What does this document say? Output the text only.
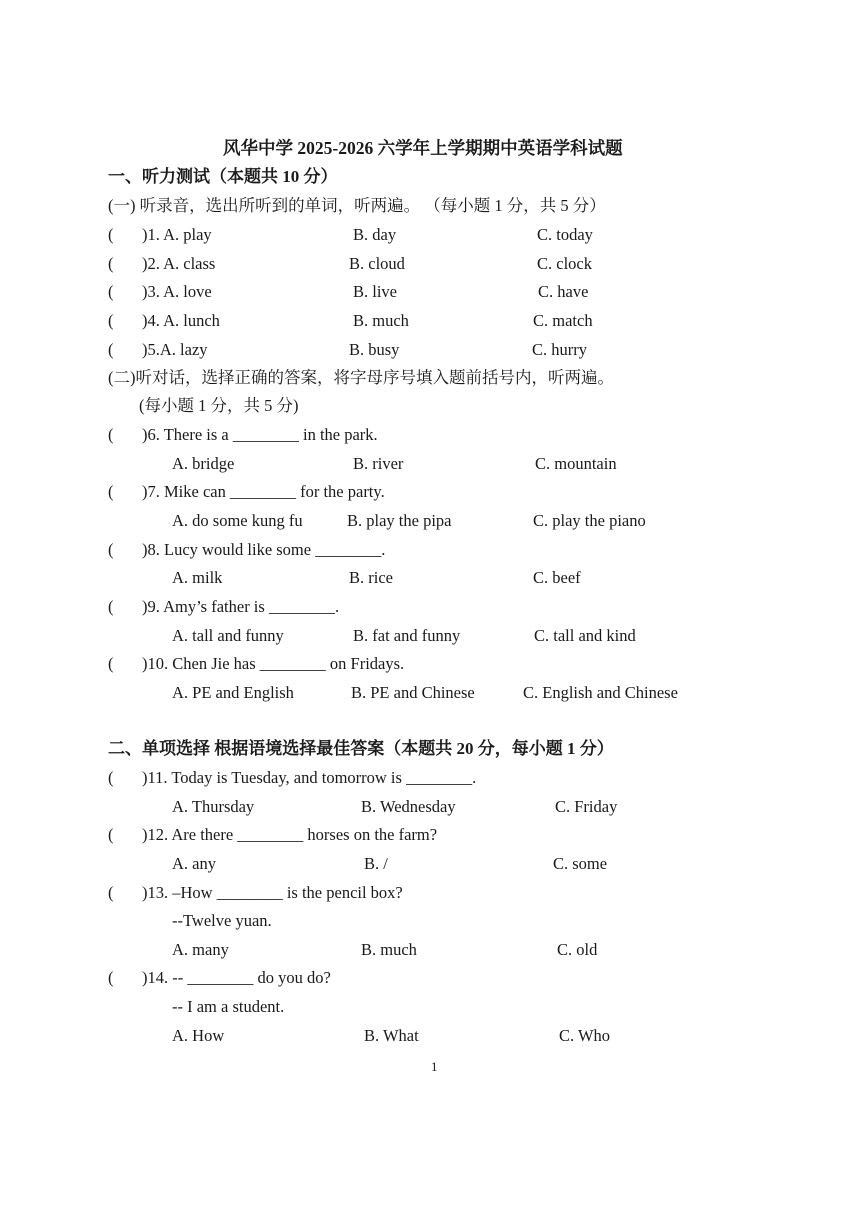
风华中学 2025-2026 六学年上学期期中英语学科试题
一、听力测试（本题共 10 分）
(一) 听录音，选出所听到的单词，听两遍。 （每小题 1 分，共 5 分）
( )1. A. play	B. day	C. today
( )2. A. class	B. cloud	C. clock
( )3. A. love	B. live	C. have
( )4. A. lunch	B. much	C. match
( )5.A. lazy	B. busy	C. hurry
(二)听对话，选择正确的答案，将字母序号填入题前括号内，听两遍。
(每小题 1 分，共 5 分)
( )6. There is a ________ in the park.
A. bridge	B. river	C. mountain
( )7. Mike can ________ for the party.
A. do some kung fu	B. play the pipa	C. play the piano
( )8. Lucy would like some ________.
A. milk	B. rice	C. beef
( )9. Amy’s father is ________.
A. tall and funny	B. fat and funny	C. tall and kind
( )10. Chen Jie has ________ on Fridays.
A. PE and English	B. PE and Chinese	C. English and Chinese
二、单项选择 根据语境选择最佳答案（本题共 20 分，每小题 1 分）
( )11. Today is Tuesday, and tomorrow is ________.
A. Thursday	B. Wednesday	C. Friday
( )12. Are there ________ horses on the farm?
A. any	B. /	C. some
( )13. –How ________ is the pencil box?
--Twelve yuan.
A. many	B. much	C. old
( )14. -- ________ do you do?
-- I am a student.
A. How	B. What	C. Who
1
